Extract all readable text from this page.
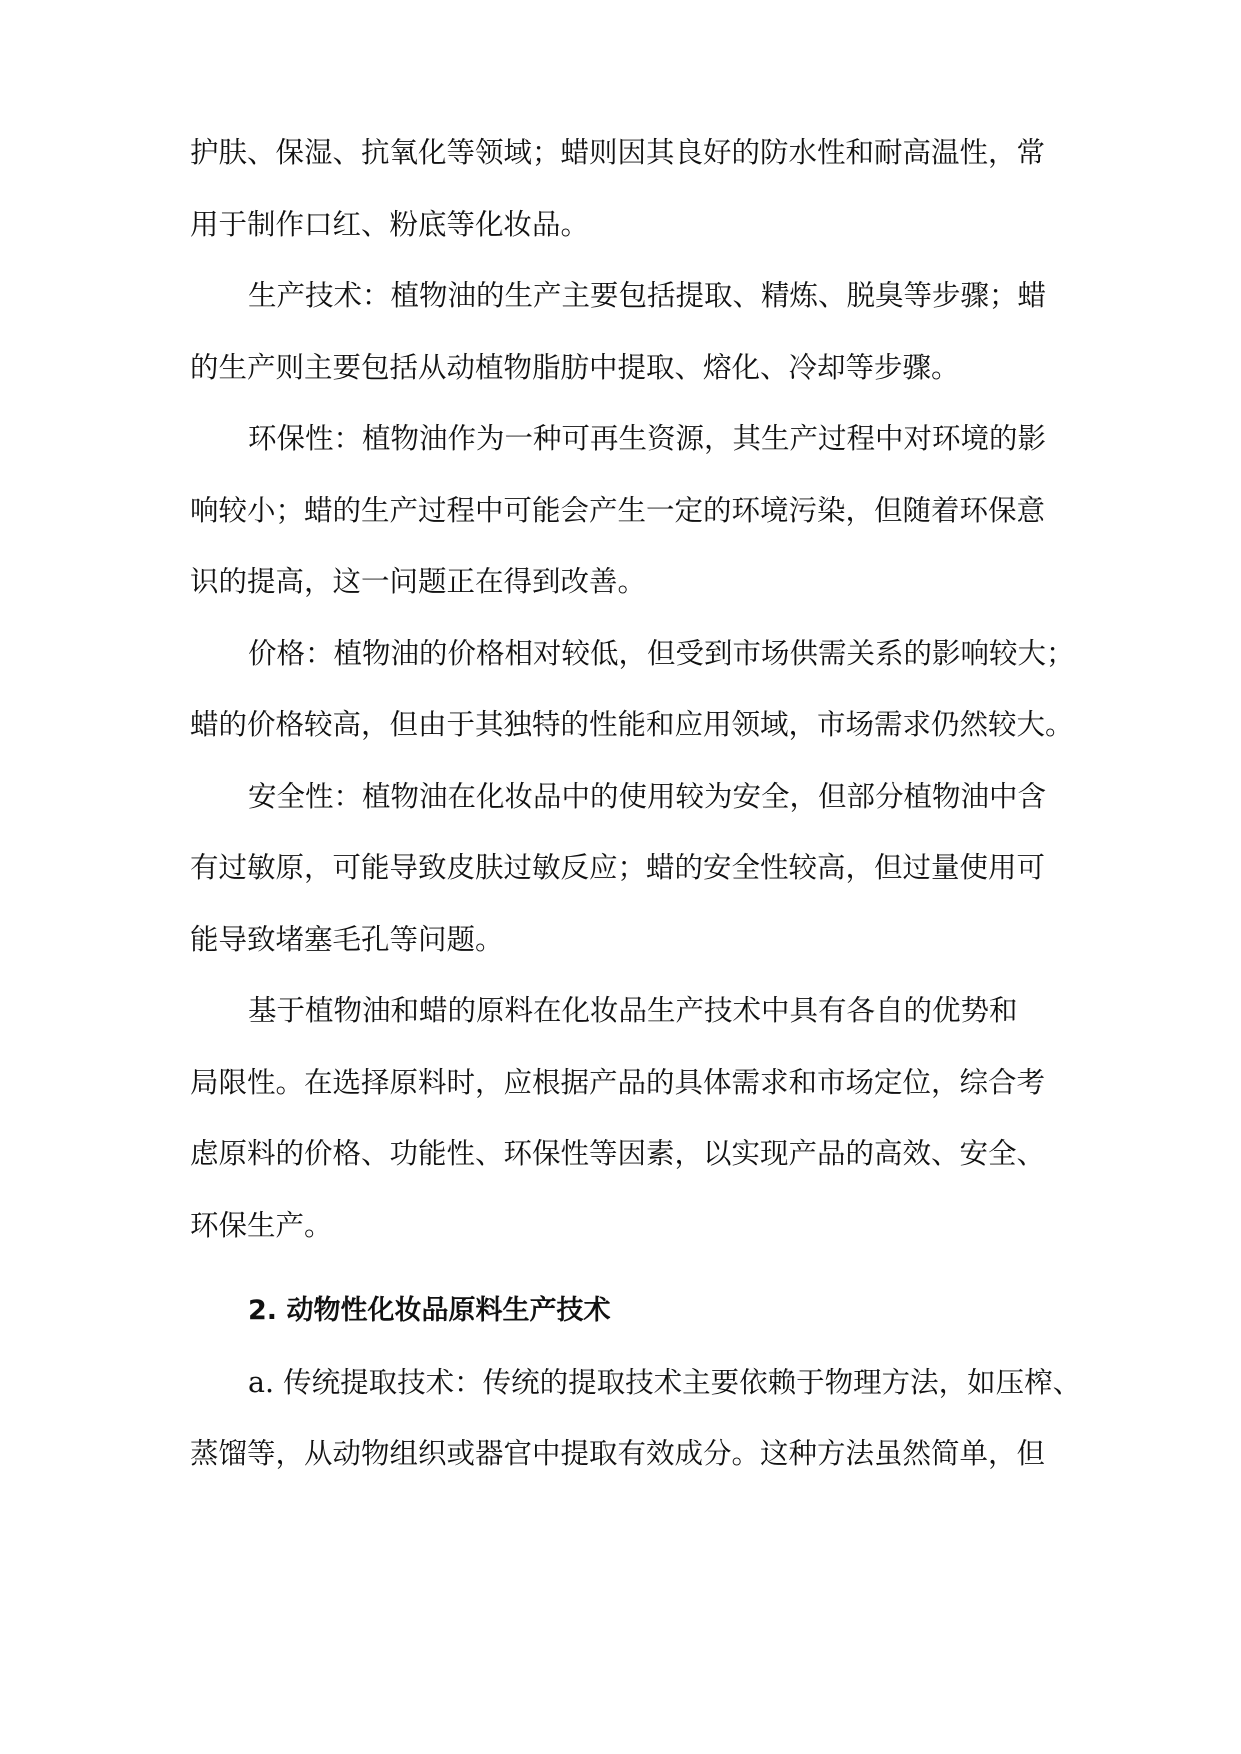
护肤、保湿、抗氧化等领域；蜡则因其良好的防水性和耐高温性，常
用于制作口红、粉底等化妆品。
生产技术：植物油的生产主要包括提取、精炼、脱臭等步骤；蜡
的生产则主要包括从动植物脂肪中提取、熔化、冷却等步骤。
环保性：植物油作为一种可再生资源，其生产过程中对环境的影
响较小；蜡的生产过程中可能会产生一定的环境污染，但随着环保意
识的提高，这一问题正在得到改善。
价格：植物油的价格相对较低，但受到市场供需关系的影响较大；
蜡的价格较高，但由于其独特的性能和应用领域，市场需求仍然较大。
安全性：植物油在化妆品中的使用较为安全，但部分植物油中含
有过敏原，可能导致皮肤过敏反应；蜡的安全性较高，但过量使用可
能导致堵塞毛孔等问题。
基于植物油和蜡的原料在化妆品生产技术中具有各自的优势和
局限性。在选择原料时，应根据产品的具体需求和市场定位，综合考
虑原料的价格、功能性、环保性等因素，以实现产品的高效、安全、
环保生产。
2. 动物性化妆品原料生产技术
a. 传统提取技术：传统的提取技术主要依赖于物理方法，如压榨、
蒸馏等，从动物组织或器官中提取有效成分。这种方法虽然简单，但
